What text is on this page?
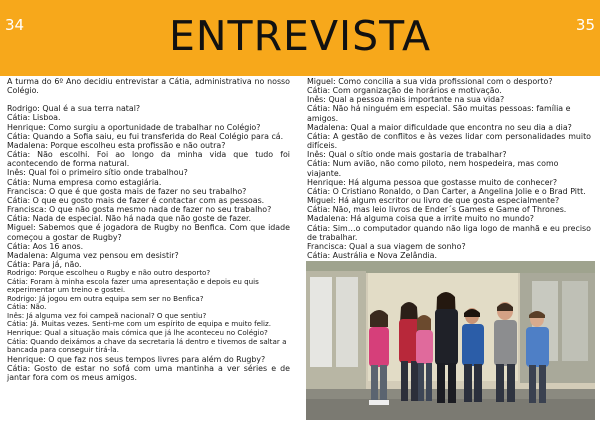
34	ENTREVISTA	35

A turma do 6º Ano decidiu entrevistar a Cátia, administrativa no nosso Colégio.

Rodrigo: Qual é a sua terra natal?

Cátia: Lisboa.

Henrique: Como surgiu a oportunidade de trabalhar no Colégio?

Cátia: Quando a Sofia saiu, eu fui transferida do Real Colégio para cá.

Madalena: Porque escolheu esta profissão e não outra?

Cátia: Não escolhi. Foi ao longo da minha vida que tudo foi acontecendo de forma natural.

Inês: Qual foi o primeiro sítio onde trabalhou?

Cátia: Numa empresa como estagiária.

Francisca: O que é que gosta mais de fazer no seu trabalho?

Cátia: O que eu gosto mais de fazer é contactar com as pessoas.

Francisca: O que não gosta mesmo nada de fazer no seu trabalho?

Cátia: Nada de especial. Não há nada que não goste de fazer.

Miguel: Sabemos que é jogadora de Rugby no Benfica. Com que idade começou a gostar de Rugby?

Cátia: Aos 16 anos.

Madalena: Alguma vez pensou em desistir?

Cátia: Para já, não.

Rodrigo: Porque escolheu o Rugby e não outro desporto?

Cátia: Foram à minha escola fazer uma apresentação e depois eu quis experimentar um treino e gostei.

Rodrigo: Já jogou em outra equipa sem ser no Benfica?

Cátia: Não.

Inês: Já alguma vez foi campeã nacional? O que sentiu?

Cátia: Já. Muitas vezes. Senti-me com um espírito de equipa e muito feliz.

Henrique: Qual a situação mais cómica que já lhe aconteceu no Colégio?

Cátia: Quando deixámos a chave da secretaria lá dentro e tivemos de saltar a bancada para conseguir tirá-la.

Henrique: O que faz nos seus tempos livres para além do Rugby?

Cátia: Gosto de estar no sofá com uma mantinha a ver séries e de jantar fora com os meus amigos.

Miguel: Como concilia a sua vida profissional com o desporto?

Cátia: Com organização de horários e motivação.

Inês: Qual a pessoa mais importante na sua vida?

Cátia: Não há ninguém em especial. São muitas pessoas: família e amigos.

Madalena: Qual a maior dificuldade que encontra no seu dia a dia?

Cátia: A gestão de conflitos e às vezes lidar com personalidades muito difíceis.

Inês: Qual o sítio onde mais gostaria de trabalhar?

Cátia: Num avião, não como piloto, nem hospedeira, mas como viajante.

Henrique: Há alguma pessoa que gostasse muito de conhecer?

Cátia: O Cristiano Ronaldo, o Dan Carter, a Angelina Jolie e o Brad Pitt.

Miguel: Há algum escritor ou livro de que gosta especialmente?

Cátia: Não, mas leio livros de Ender´s Games e Game of Thrones.

Madalena: Há alguma coisa que a irrite muito no mundo?

Cátia: Sim…o computador quando não liga logo de manhã e eu preciso de trabalhar.

Francisca: Qual a sua viagem de sonho?

Cátia: Austrália e Nova Zelândia.
